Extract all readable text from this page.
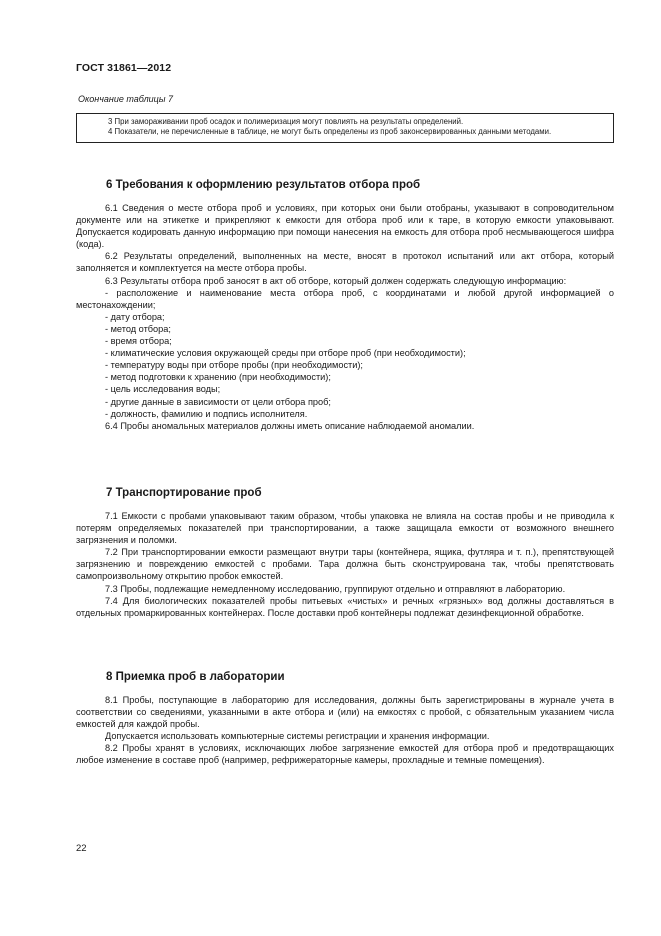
ГОСТ 31861—2012
Окончание таблицы 7

3 При замораживании проб осадок и полимеризация могут повлиять на результаты определений.

4 Показатели, не перечисленные в таблице, не могут быть определены из проб законсервированных данными методами.

6 Требования к оформлению результатов отбора проб

6.1 Сведения о месте отбора проб и условиях, при которых они были отобраны, указывают в сопроводительном документе или на этикетке и прикрепляют к емкости для отбора проб или к таре, в которую емкости упаковывают. Допускается кодировать данную информацию при помощи нанесения на емкость для отбора проб несмывающегося шифра (кода).

6.2 Результаты определений, выполненных на месте, вносят в протокол испытаний или акт отбора, который заполняется и комплектуется на месте отбора пробы.

6.3 Результаты отбора проб заносят в акт об отборе, который должен содержать следующую информацию:

- расположение и наименование места отбора проб, с координатами и любой другой информацией о местонахождении;

- дату отбора;

- метод отбора;

- время отбора;

- климатические условия окружающей среды при отборе проб (при необходимости);

- температуру воды при отборе пробы (при необходимости);

- метод подготовки к хранению (при необходимости);

- цель исследования воды;

- другие данные в зависимости от цели отбора проб;

- должность, фамилию и подпись исполнителя.

6.4 Пробы аномальных материалов должны иметь описание наблюдаемой аномалии.

7 Транспортирование проб

7.1 Емкости с пробами упаковывают таким образом, чтобы упаковка не влияла на состав пробы и не приводила к потерям определяемых показателей при транспортировании, а также защищала емкости от возможного внешнего загрязнения и поломки.

7.2 При транспортировании емкости размещают внутри тары (контейнера, ящика, футляра и т. п.), препятствующей загрязнению и повреждению емкостей с пробами. Тара должна быть сконструирована так, чтобы препятствовать самопроизвольному открытию пробок емкостей.

7.3 Пробы, подлежащие немедленному исследованию, группируют отдельно и отправляют в лабораторию.

7.4 Для биологических показателей пробы питьевых «чистых» и речных «грязных» вод должны доставляться в отдельных промаркированных контейнерах. После доставки проб контейнеры подлежат дезинфекционной обработке.

8 Приемка проб в лаборатории

8.1 Пробы, поступающие в лабораторию для исследования, должны быть зарегистрированы в журнале учета в соответствии со сведениями, указанными в акте отбора и (или) на емкостях с пробой, с обязательным указанием числа емкостей для каждой пробы.

Допускается использовать компьютерные системы регистрации и хранения информации.

8.2 Пробы хранят в условиях, исключающих любое загрязнение емкостей для отбора проб и предотвращающих любое изменение в составе проб (например, рефрижераторные камеры, прохладные и темные помещения).

22
